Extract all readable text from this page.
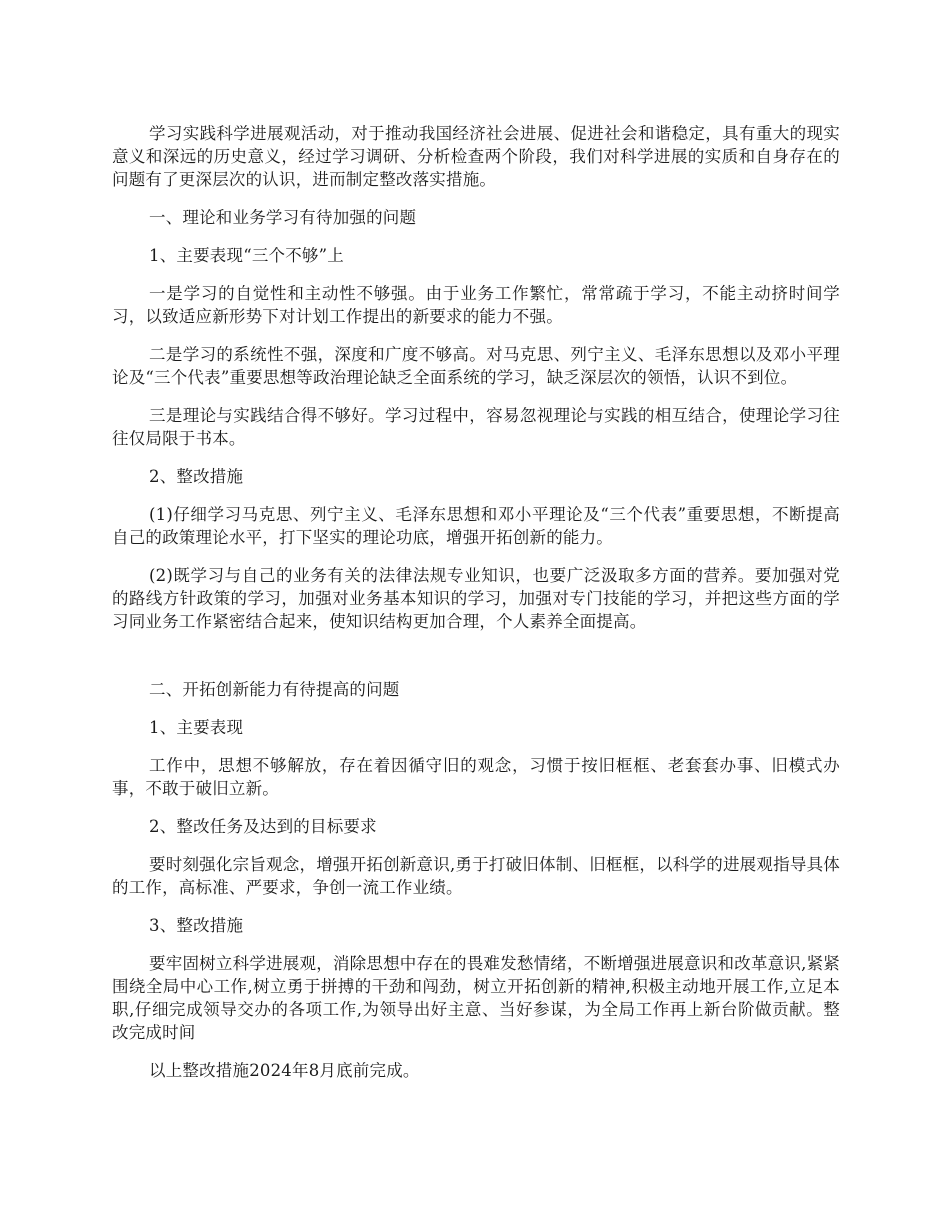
学习实践科学进展观活动，对于推动我国经济社会进展、促进社会和谐稳定，具有重大的现实意义和深远的历史意义，经过学习调研、分析检查两个阶段，我们对科学进展的实质和自身存在的问题有了更深层次的认识，进而制定整改落实措施。

一、理论和业务学习有待加强的问题

1、主要表现“三个不够”上

一是学习的自觉性和主动性不够强。由于业务工作繁忙，常常疏于学习，不能主动挤时间学习，以致适应新形势下对计划工作提出的新要求的能力不强。

二是学习的系统性不强，深度和广度不够高。对马克思、列宁主义、毛泽东思想以及邓小平理论及“三个代表”重要思想等政治理论缺乏全面系统的学习，缺乏深层次的领悟，认识不到位。

三是理论与实践结合得不够好。学习过程中，容易忽视理论与实践的相互结合，使理论学习往往仅局限于书本。

2、整改措施

(1)仔细学习马克思、列宁主义、毛泽东思想和邓小平理论及“三个代表”重要思想，不断提高自己的政策理论水平，打下坚实的理论功底，增强开拓创新的能力。

(2)既学习与自己的业务有关的法律法规专业知识，也要广泛汲取多方面的营养。要加强对党的路线方针政策的学习，加强对业务基本知识的学习，加强对专门技能的学习，并把这些方面的学习同业务工作紧密结合起来，使知识结构更加合理，个人素养全面提高。

二、开拓创新能力有待提高的问题

1、主要表现

工作中，思想不够解放，存在着因循守旧的观念，习惯于按旧框框、老套套办事、旧模式办事，不敢于破旧立新。

2、整改任务及达到的目标要求

要时刻强化宗旨观念，增强开拓创新意识,勇于打破旧体制、旧框框，以科学的进展观指导具体的工作，高标准、严要求，争创一流工作业绩。

3、整改措施

要牢固树立科学进展观，消除思想中存在的畏难发愁情绪，不断增强进展意识和改革意识,紧紧围绕全局中心工作,树立勇于拼搏的干劲和闯劲，树立开拓创新的精神,积极主动地开展工作,立足本职,仔细完成领导交办的各项工作,为领导出好主意、当好参谋，为全局工作再上新台阶做贡献。整改完成时间

以上整改措施2024年8月底前完成。
